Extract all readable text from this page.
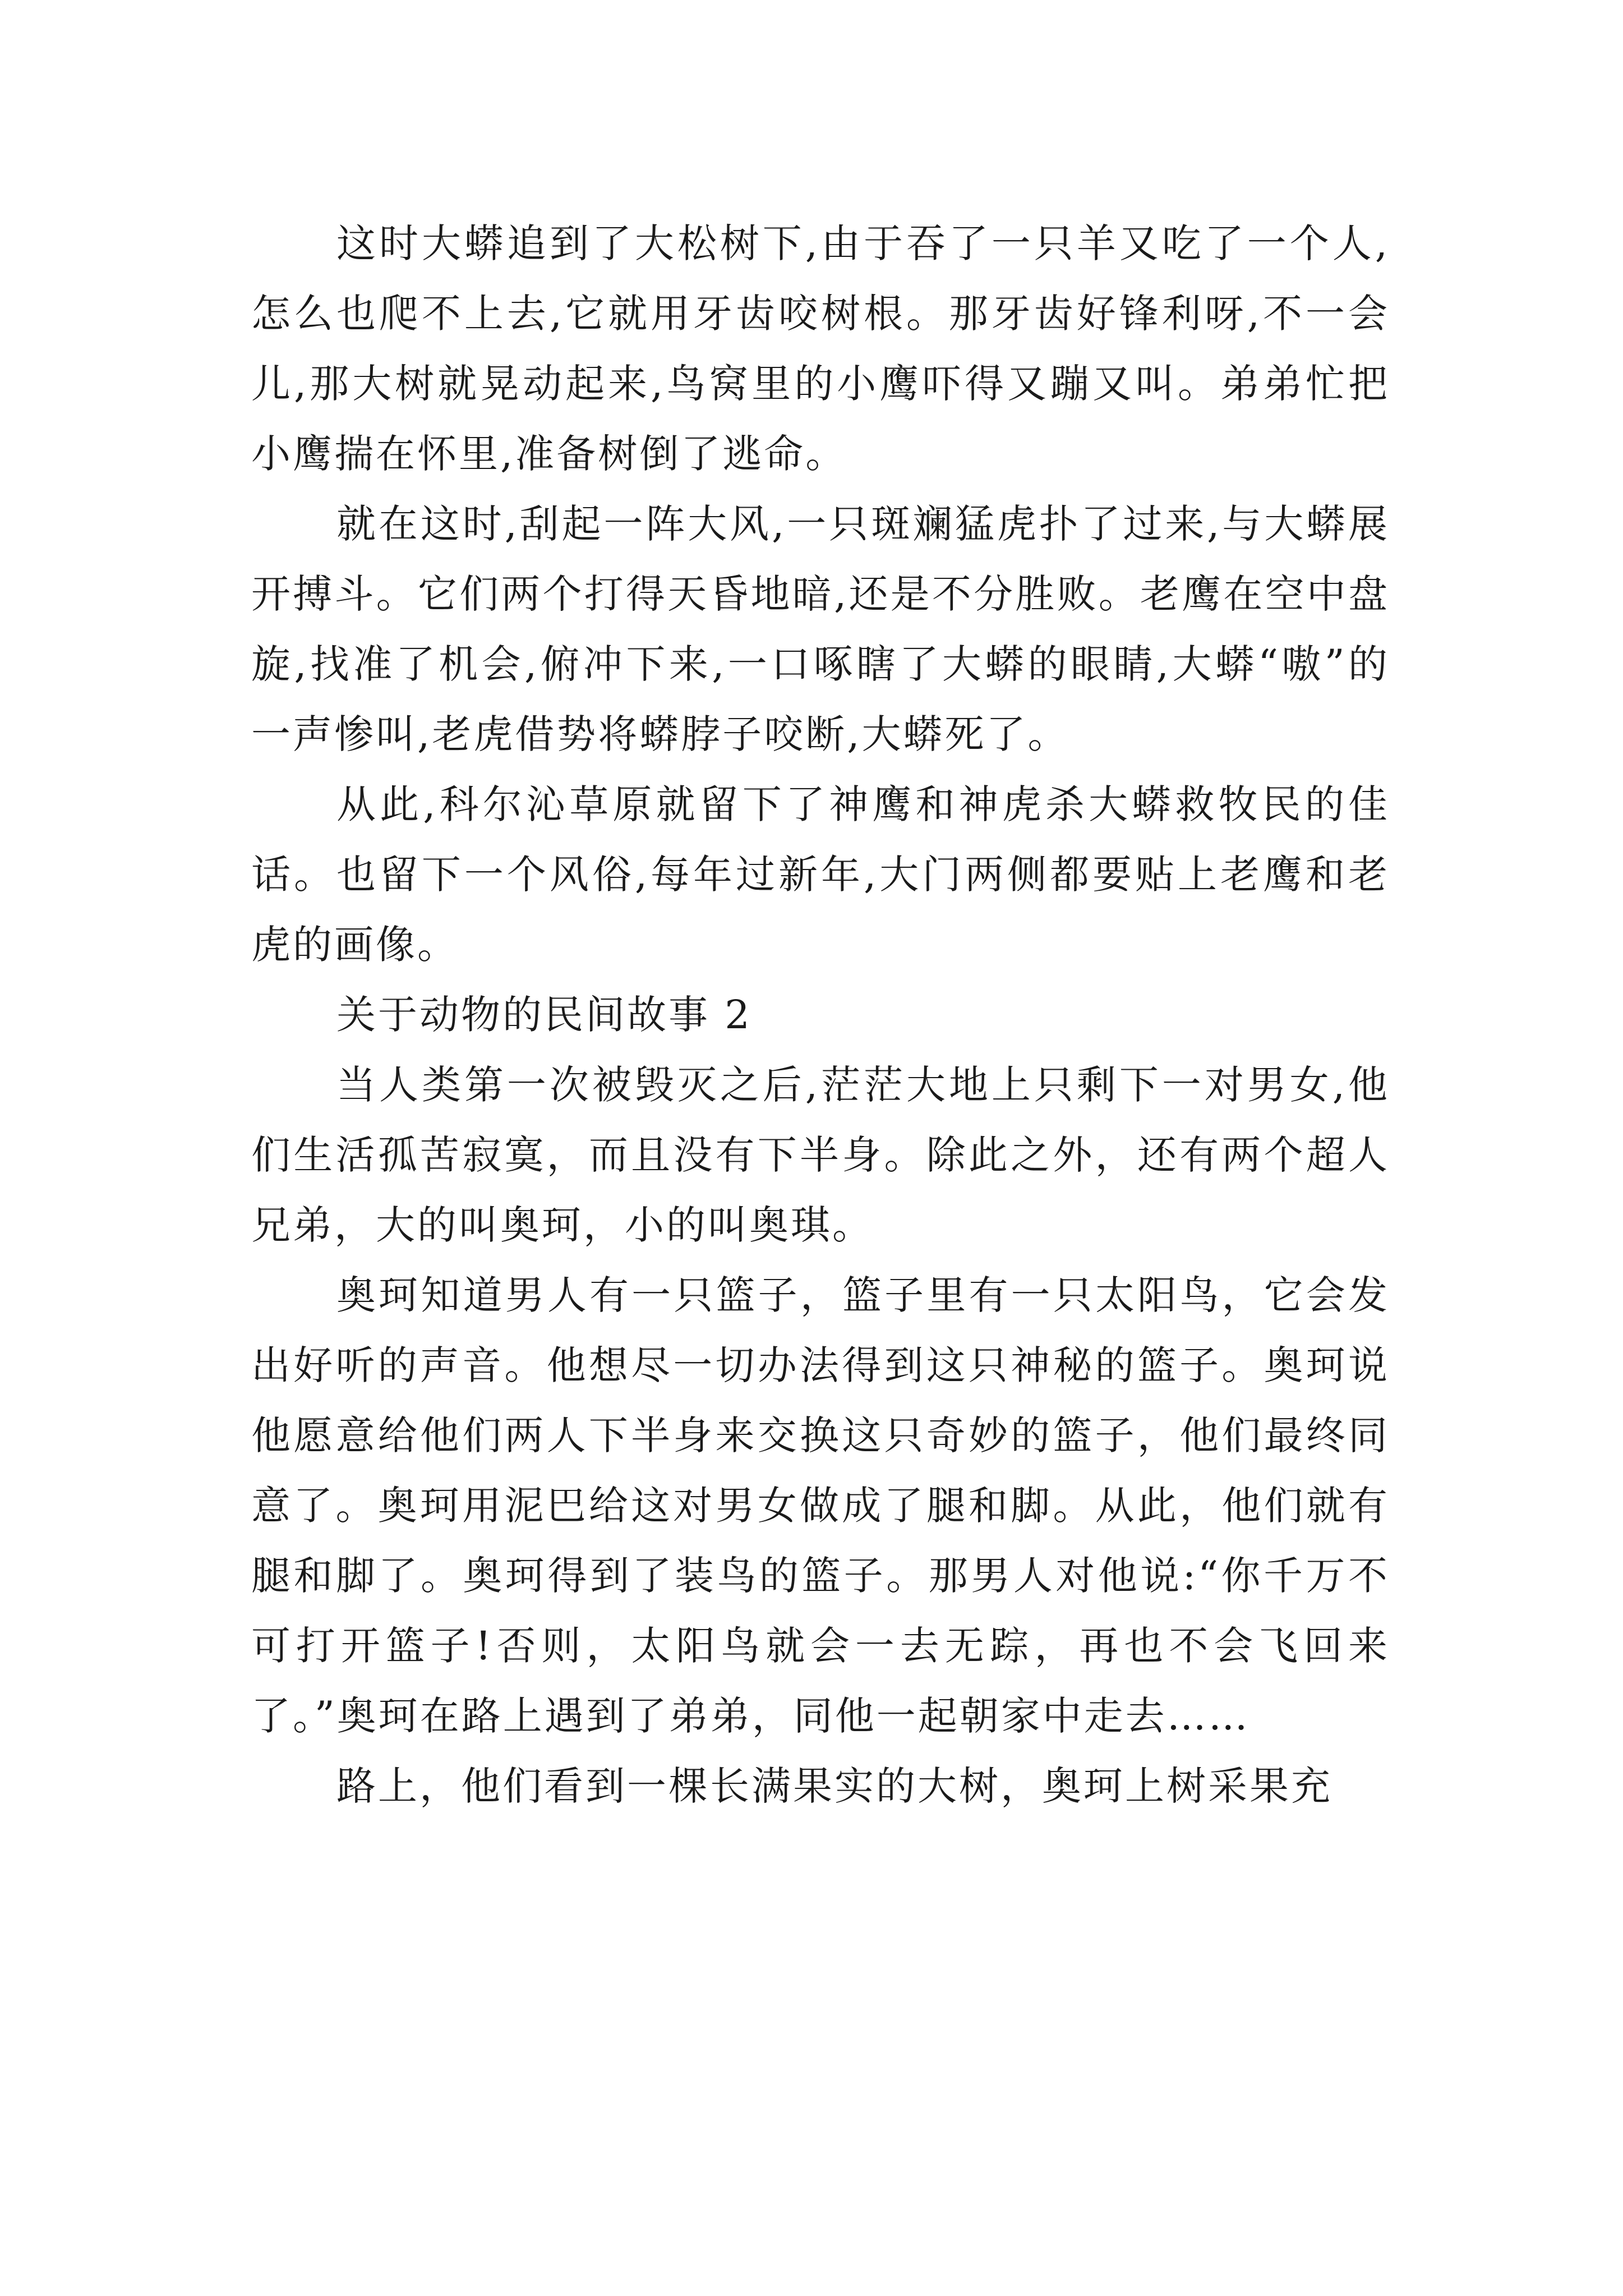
这时大蟒追到了大松树下,由于吞了一只羊又吃了一个人,怎么也爬不上去,它就用牙齿咬树根。那牙齿好锋利呀,不一会儿,那大树就晃动起来,鸟窝里的小鹰吓得又蹦又叫。弟弟忙把小鹰揣在怀里,准备树倒了逃命。

就在这时,刮起一阵大风,一只斑斓猛虎扑了过来,与大蟒展开搏斗。它们两个打得天昏地暗,还是不分胜败。老鹰在空中盘旋,找准了机会,俯冲下来,一口啄瞎了大蟒的眼睛,大蟒“嗷”的一声惨叫,老虎借势将蟒脖子咬断,大蟒死了。

从此,科尔沁草原就留下了神鹰和神虎杀大蟒救牧民的佳话。也留下一个风俗,每年过新年,大门两侧都要贴上老鹰和老虎的画像。

关于动物的民间故事 2

当人类第一次被毁灭之后,茫茫大地上只剩下一对男女,他们生活孤苦寂寞，而且没有下半身。除此之外，还有两个超人兄弟，大的叫奥珂，小的叫奥琪。

奥珂知道男人有一只篮子，篮子里有一只太阳鸟，它会发出好听的声音。他想尽一切办法得到这只神秘的篮子。奥珂说他愿意给他们两人下半身来交换这只奇妙的篮子，他们最终同意了。奥珂用泥巴给这对男女做成了腿和脚。从此，他们就有腿和脚了。奥珂得到了装鸟的篮子。那男人对他说:“你千万不可打开篮子!否则，太阳鸟就会一去无踪，再也不会飞回来了。”奥珂在路上遇到了弟弟，同他一起朝家中走去……

路上，他们看到一棵长满果实的大树，奥珂上树采果充
